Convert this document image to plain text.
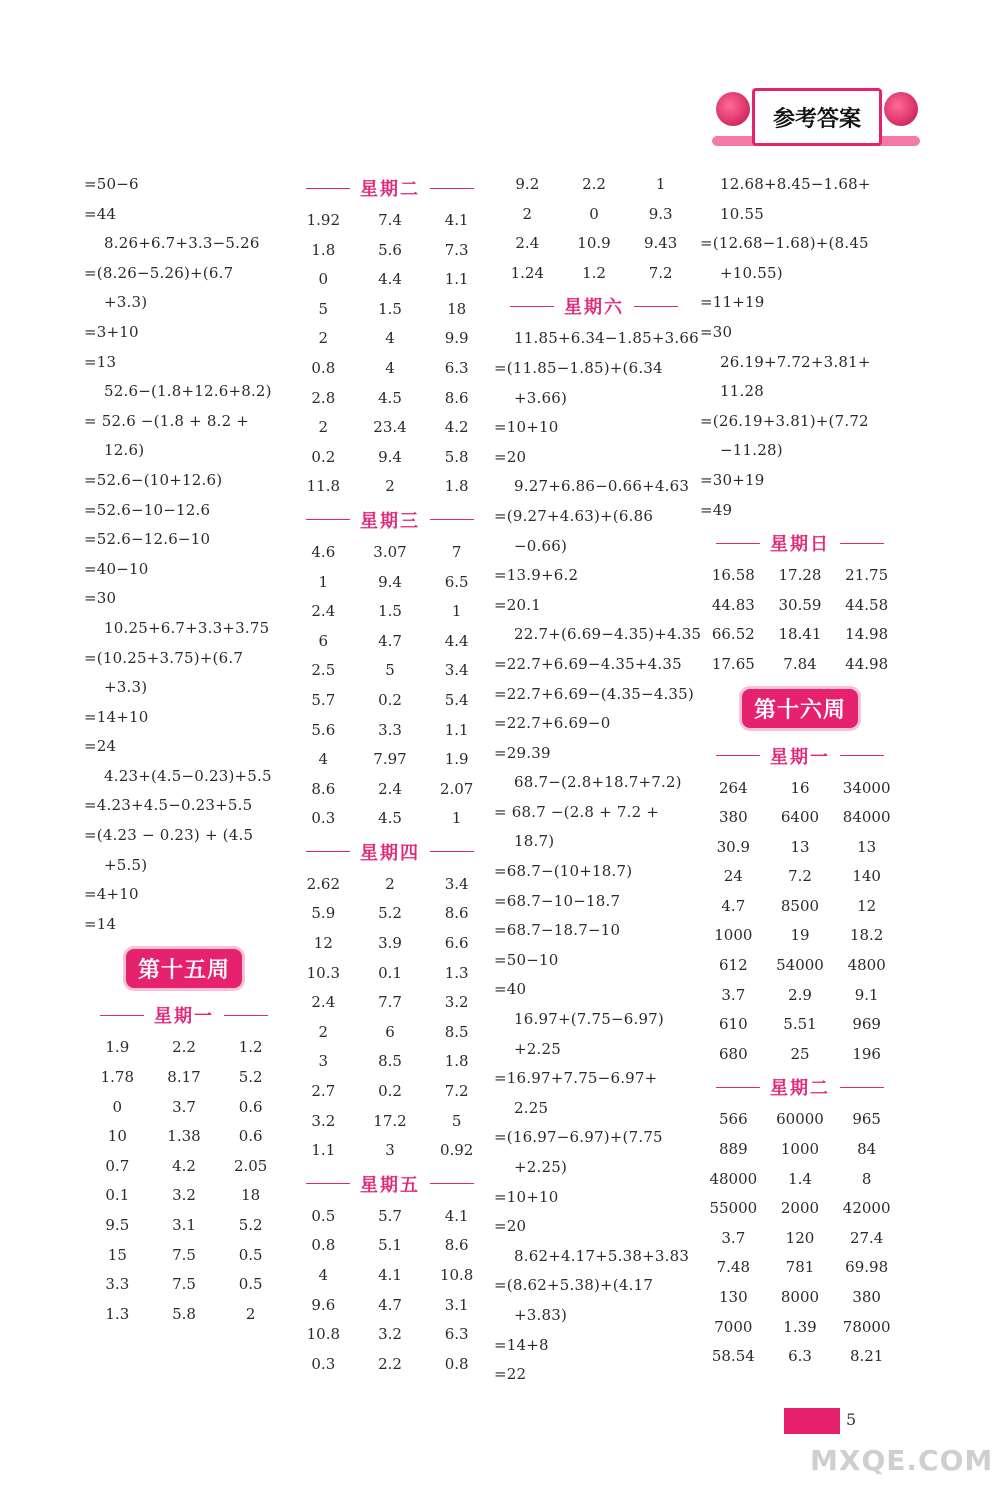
参考答案
=50−6
=44
8.26+6.7+3.3−5.26
=(8.26−5.26)+(6.7
+3.3)
=3+10
=13
52.6−(1.8+12.6+8.2)
= 52.6 −(1.8 + 8.2 +
12.6)
=52.6−(10+12.6)
=52.6−10−12.6
=52.6−12.6−10
=40−10
=30
10.25+6.7+3.3+3.75
=(10.25+3.75)+(6.7
+3.3)
=14+10
=24
4.23+(4.5−0.23)+5.5
=4.23+4.5−0.23+5.5
=(4.23 − 0.23) + (4.5
+5.5)
=4+10
=14
第十五周
星期一
1.9	2.2	1.2
1.78	8.17	5.2
0	3.7	0.6
10	1.38	0.6
0.7	4.2	2.05
0.1	3.2	18
9.5	3.1	5.2
15	7.5	0.5
3.3	7.5	0.5
1.3	5.8	2
星期二
1.92	7.4	4.1
1.8	5.6	7.3
0	4.4	1.1
5	1.5	18
2	4	9.9
0.8	4	6.3
2.8	4.5	8.6
2	23.4	4.2
0.2	9.4	5.8
11.8	2	1.8
星期三
4.6	3.07	7
1	9.4	6.5
2.4	1.5	1
6	4.7	4.4
2.5	5	3.4
5.7	0.2	5.4
5.6	3.3	1.1
4	7.97	1.9
8.6	2.4	2.07
0.3	4.5	1
星期四
2.62	2	3.4
5.9	5.2	8.6
12	3.9	6.6
10.3	0.1	1.3
2.4	7.7	3.2
2	6	8.5
3	8.5	1.8
2.7	0.2	7.2
3.2	17.2	5
1.1	3	0.92
星期五
0.5	5.7	4.1
0.8	5.1	8.6
4	4.1	10.8
9.6	4.7	3.1
10.8	3.2	6.3
0.3	2.2	0.8
9.2	2.2	1
2	0	9.3
2.4	10.9	9.43
1.24	1.2	7.2
星期六
11.85+6.34−1.85+3.66
=(11.85−1.85)+(6.34
+3.66)
=10+10
=20
9.27+6.86−0.66+4.63
=(9.27+4.63)+(6.86
−0.66)
=13.9+6.2
=20.1
22.7+(6.69−4.35)+4.35
=22.7+6.69−4.35+4.35
=22.7+6.69−(4.35−4.35)
=22.7+6.69−0
=29.39
68.7−(2.8+18.7+7.2)
= 68.7 −(2.8 + 7.2 +
18.7)
=68.7−(10+18.7)
=68.7−10−18.7
=68.7−18.7−10
=50−10
=40
16.97+(7.75−6.97)
+2.25
=16.97+7.75−6.97+
2.25
=(16.97−6.97)+(7.75
+2.25)
=10+10
=20
8.62+4.17+5.38+3.83
=(8.62+5.38)+(4.17
+3.83)
=14+8
=22
12.68+8.45−1.68+
10.55
=(12.68−1.68)+(8.45
+10.55)
=11+19
=30
26.19+7.72+3.81+
11.28
=(26.19+3.81)+(7.72
−11.28)
=30+19
=49
星期日
16.58	17.28	21.75
44.83	30.59	44.58
66.52	18.41	14.98
17.65	7.84	44.98
第十六周
星期一
264	16	34000
380	6400	84000
30.9	13	13
24	7.2	140
4.7	8500	12
1000	19	18.2
612	54000	4800
3.7	2.9	9.1
610	5.51	969
680	25	196
星期二
566	60000	965
889	1000	84
48000	1.4	8
55000	2000	42000
3.7	120	27.4
7.48	781	69.98
130	8000	380
7000	1.39	78000
58.54	6.3	8.21
5
MXQE.COM
